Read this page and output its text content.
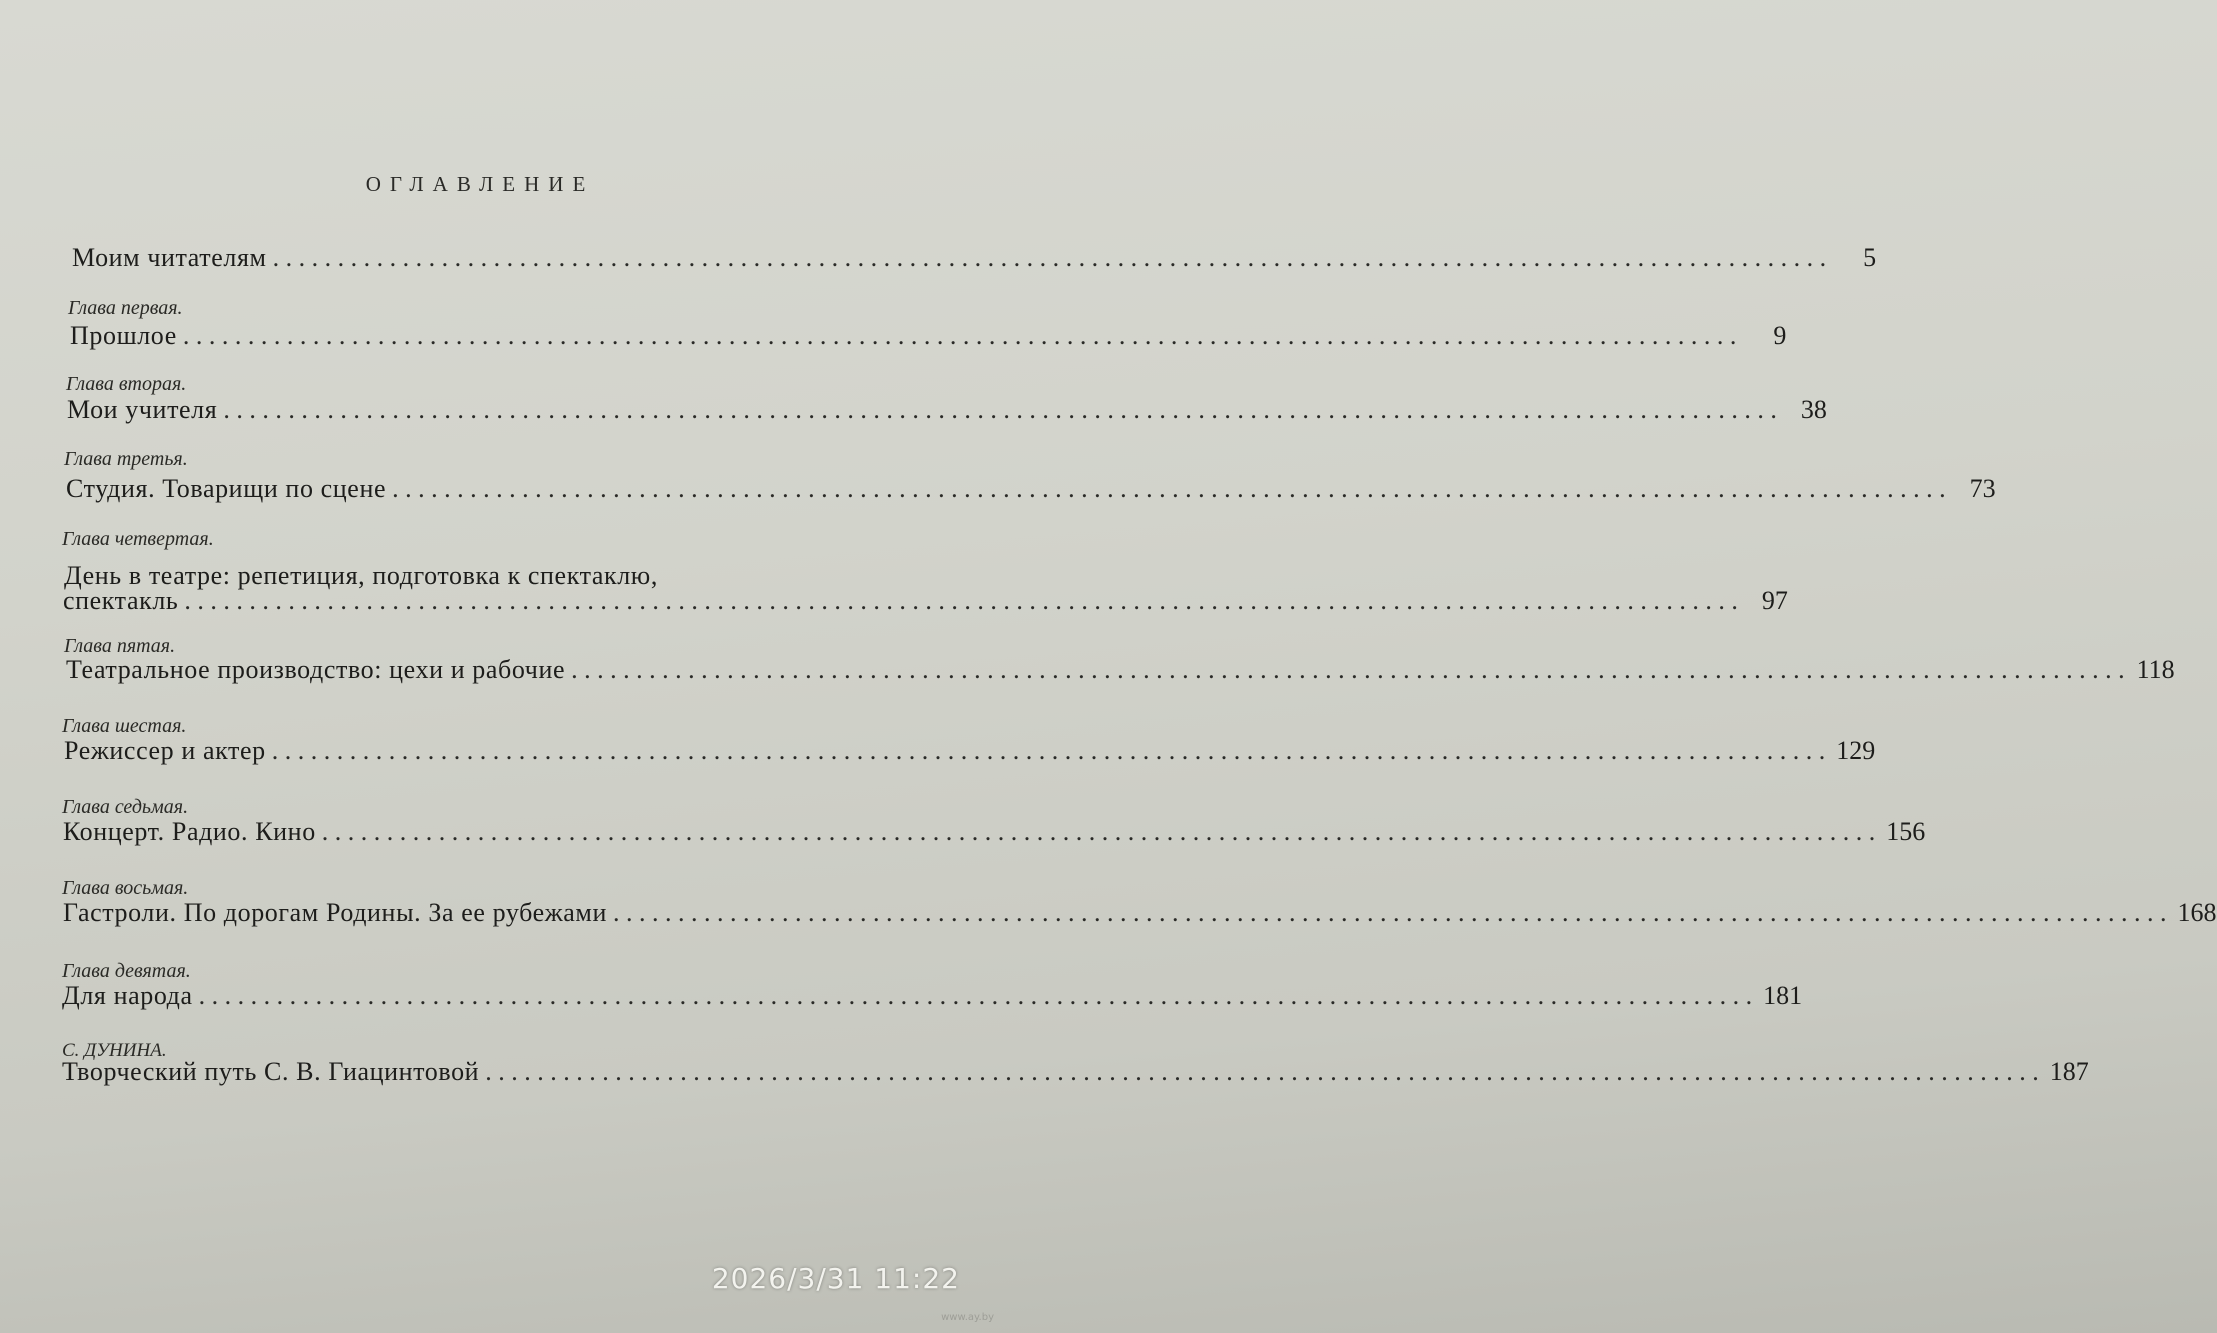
ОГЛАВЛЕНИЕ
Моим читателям . . . . . . . . . . . . . . . . . . . . . . . . . . . . . . . . . . . . . . . . . . . . . . . . . . . . . . . . . . . . . . . . . . . . . . . . . . . . . . . . . . . . . . . . . . . . . . . . . . . . . . . . . . . . . . . . . . . . . . . .	5
Глава первая.
Прошлое . . . . . . . . . . . . . . . . . . . . . . . . . . . . . . . . . . . . . . . . . . . . . . . . . . . . . . . . . . . . . . . . . . . . . . . . . . . . . . . . . . . . . . . . . . . . . . . . . . . . . . . . . . . . . . . . . . . . . . . .	9
Глава вторая.
Мои учителя . . . . . . . . . . . . . . . . . . . . . . . . . . . . . . . . . . . . . . . . . . . . . . . . . . . . . . . . . . . . . . . . . . . . . . . . . . . . . . . . . . . . . . . . . . . . . . . . . . . . . . . . . . . . . . . . . . . . . . . . 38
Глава третья.
Студия. Товарищи по сцене . . . . . . . . . . . . . . . . . . . . . . . . . . . . . . . . . . . . . . . . . . . . . . . . . . . . . . . . . . . . . . . . . . . . . . . . . . . . . . . . . . . . . . . . . . . . . . . . . . . . . . . . . . . . . . . . . . . . . . . . 73
Глава четвертая.
День в театре: репетиция, подготовка к спектаклю,
спектакль . . . . . . . . . . . . . . . . . . . . . . . . . . . . . . . . . . . . . . . . . . . . . . . . . . . . . . . . . . . . . . . . . . . . . . . . . . . . . . . . . . . . . . . . . . . . . . . . . . . . . . . . . . . . . . . . . . . . . . . . 97
Глава пятая.
Театральное производство: цехи и рабочие . . . . . . . . . . . . . . . . . . . . . . . . . . . . . . . . . . . . . . . . . . . . . . . . . . . . . . . . . . . . . . . . . . . . . . . . . . . . . . . . . . . . . . . . . . . . . . . . . . . . . . . . . . . . . . . . . . . . . . . . 118
Глава шестая.
Режиссер и актер . . . . . . . . . . . . . . . . . . . . . . . . . . . . . . . . . . . . . . . . . . . . . . . . . . . . . . . . . . . . . . . . . . . . . . . . . . . . . . . . . . . . . . . . . . . . . . . . . . . . . . . . . . . . . . . . . . . . . . . . 129
Глава седьмая.
Концерт. Радио. Кино . . . . . . . . . . . . . . . . . . . . . . . . . . . . . . . . . . . . . . . . . . . . . . . . . . . . . . . . . . . . . . . . . . . . . . . . . . . . . . . . . . . . . . . . . . . . . . . . . . . . . . . . . . . . . . . . . . . . . . . . 156
Глава восьмая.
Гастроли. По дорогам Родины. За ее рубежами . . . . . . . . . . . . . . . . . . . . . . . . . . . . . . . . . . . . . . . . . . . . . . . . . . . . . . . . . . . . . . . . . . . . . . . . . . . . . . . . . . . . . . . . . . . . . . . . . . . . . . . . . . . . . . . . . . . . . . . . 168
Глава девятая.
Для народа . . . . . . . . . . . . . . . . . . . . . . . . . . . . . . . . . . . . . . . . . . . . . . . . . . . . . . . . . . . . . . . . . . . . . . . . . . . . . . . . . . . . . . . . . . . . . . . . . . . . . . . . . . . . . . . . . . . . . . . . 181
С. ДУНИНА.
Творческий путь С. В. Гиацинтовой . . . . . . . . . . . . . . . . . . . . . . . . . . . . . . . . . . . . . . . . . . . . . . . . . . . . . . . . . . . . . . . . . . . . . . . . . . . . . . . . . . . . . . . . . . . . . . . . . . . . . . . . . . . . . . . . . . . . . . . . 187
2026/3/31 11:22
www.ay.by
